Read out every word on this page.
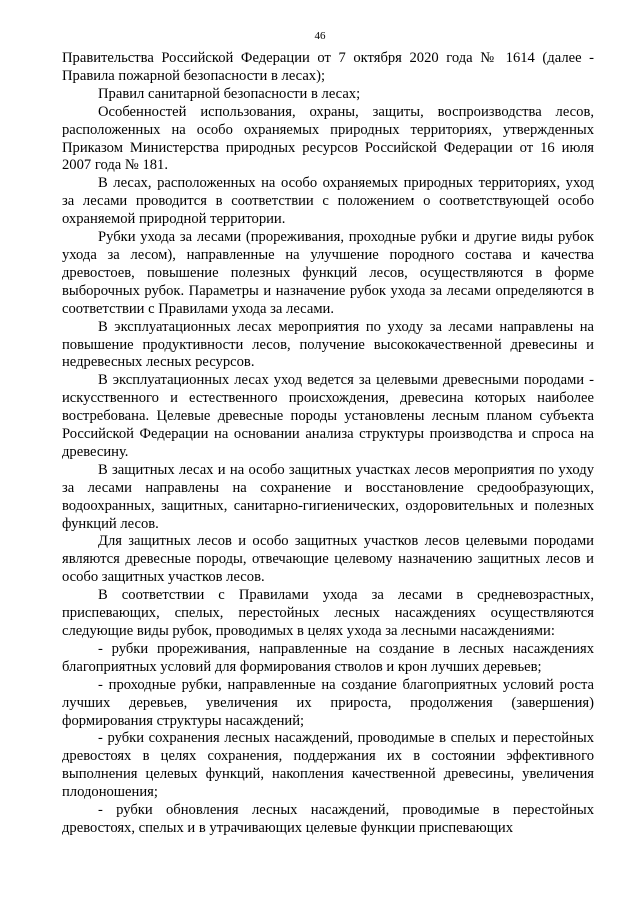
46

Правительства Российской Федерации от 7 октября 2020 года № 1614 (далее - Правила пожарной безопасности в лесах);

Правил санитарной безопасности в лесах;

Особенностей использования, охраны, защиты, воспроизводства лесов, расположенных на особо охраняемых природных территориях, утвержденных Приказом Министерства природных ресурсов Российской Федерации от 16 июля 2007 года № 181.

В лесах, расположенных на особо охраняемых природных территориях, уход за лесами проводится в соответствии с положением о соответствующей особо охраняемой природной территории.

Рубки ухода за лесами (прореживания, проходные рубки и другие виды рубок ухода за лесом), направленные на улучшение породного состава и качества древостоев, повышение полезных функций лесов, осуществляются в форме выборочных рубок. Параметры и назначение рубок ухода за лесами определяются в соответствии с Правилами ухода за лесами.

В эксплуатационных лесах мероприятия по уходу за лесами направлены на повышение продуктивности лесов, получение высококачественной древесины и недревесных лесных ресурсов.

В эксплуатационных лесах уход ведется за целевыми древесными породами - искусственного и естественного происхождения, древесина которых наиболее востребована. Целевые древесные породы установлены лесным планом субъекта Российской Федерации на основании анализа структуры производства и спроса на древесину.

В защитных лесах и на особо защитных участках лесов мероприятия по уходу за лесами направлены на сохранение и восстановление средообразующих, водоохранных, защитных, санитарно-гигиенических, оздоровительных и полезных функций лесов.

Для защитных лесов и особо защитных участков лесов целевыми породами являются древесные породы, отвечающие целевому назначению защитных лесов и особо защитных участков лесов.

В соответствии с Правилами ухода за лесами в средневозрастных, приспевающих, спелых, перестойных лесных насаждениях осуществляются следующие виды рубок, проводимых в целях ухода за лесными насаждениями:

- рубки прореживания, направленные на создание в лесных насаждениях благоприятных условий для формирования стволов и крон лучших деревьев;

- проходные рубки, направленные на создание благоприятных условий роста лучших деревьев, увеличения их прироста, продолжения (завершения) формирования структуры насаждений;

- рубки сохранения лесных насаждений, проводимые в спелых и перестойных древостоях в целях сохранения, поддержания их в состоянии эффективного выполнения целевых функций, накопления качественной древесины, увеличения плодоношения;

- рубки обновления лесных насаждений, проводимые в перестойных древостоях, спелых и в утрачивающих целевые функции приспевающих
